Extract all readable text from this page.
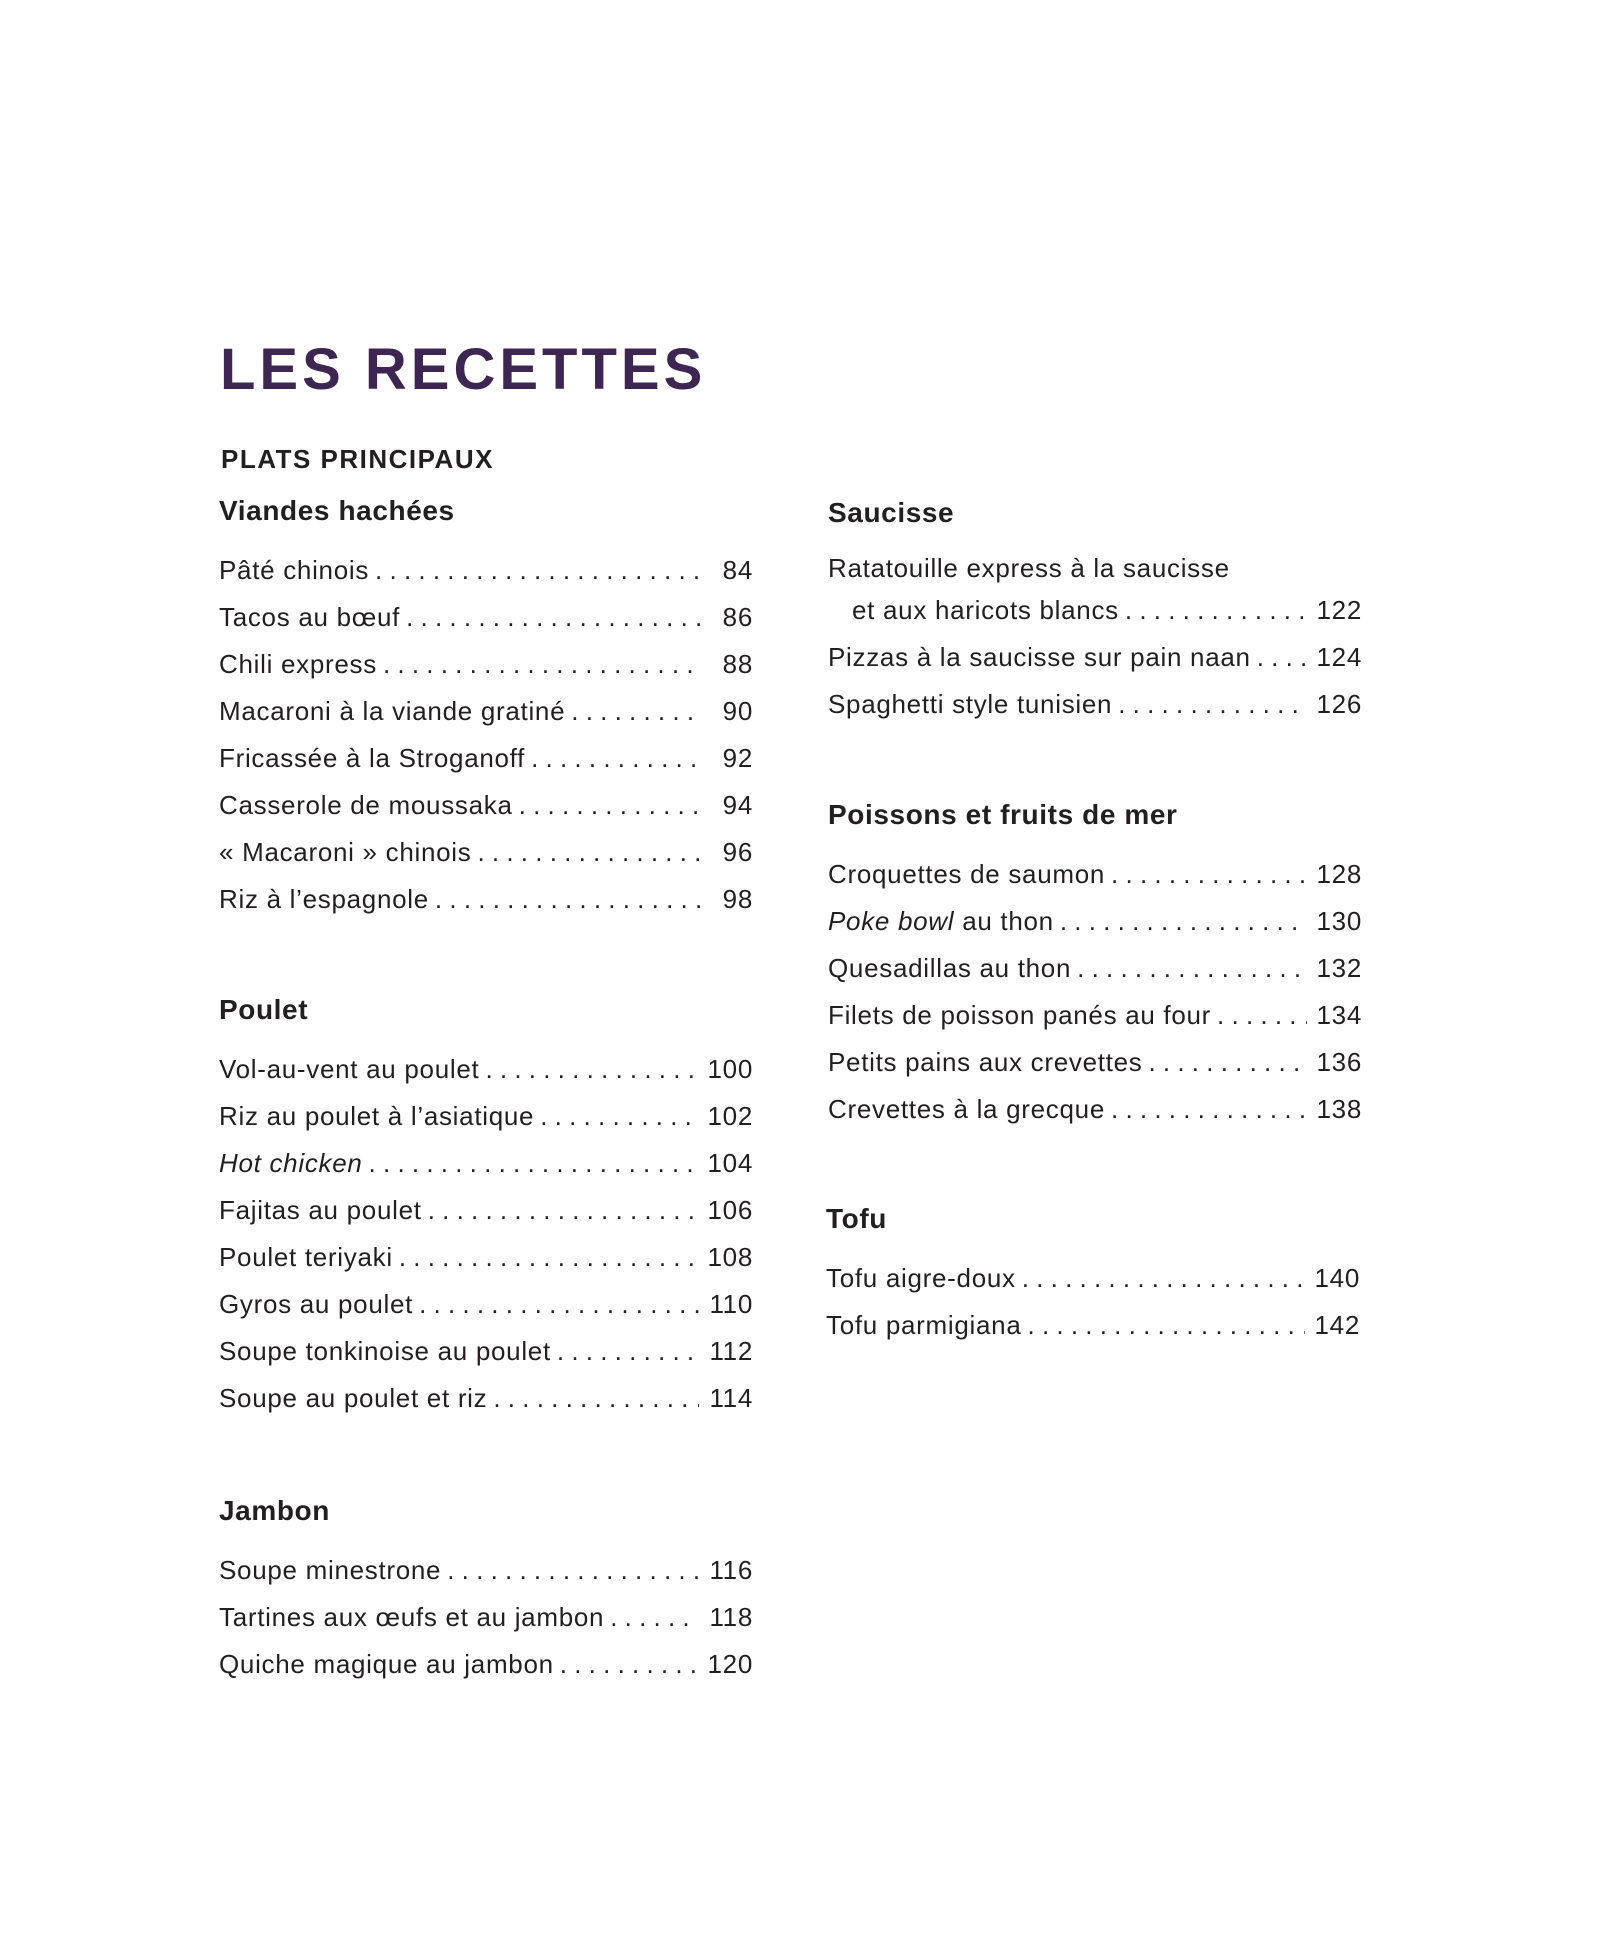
LES RECETTES
PLATS PRINCIPAUX
Viandes hachées
Pâté chinois . . .	84
Tacos au bœuf . . .	86
Chili express . . .	88
Macaroni à la viande gratiné . . .	90
Fricassée à la Stroganoff . . .	92
Casserole de moussaka . . .	94
« Macaroni » chinois . . .	96
Riz à l’espagnole . . .	98
Poulet
Vol-au-vent au poulet . . .	100
Riz au poulet à l’asiatique . . .	102
Hot chicken . . .	104
Fajitas au poulet . . .	106
Poulet teriyaki . . .	108
Gyros au poulet . . .	110
Soupe tonkinoise au poulet . . .	112
Soupe au poulet et riz . . .	114
Jambon
Soupe minestrone . . .	116
Tartines aux œufs et au jambon . . .	118
Quiche magique au jambon . . .	120
Saucisse
Ratatouille express à la saucisse
et aux haricots blancs . . .	122
Pizzas à la saucisse sur pain naan . . .	124
Spaghetti style tunisien . . .	126
Poissons et fruits de mer
Croquettes de saumon . . .	128
Poke bowl au thon . . .	130
Quesadillas au thon . . .	132
Filets de poisson panés au four . . .	134
Petits pains aux crevettes . . .	136
Crevettes à la grecque . . .	138
Tofu
Tofu aigre-doux . . .	140
Tofu parmigiana . . .	142
